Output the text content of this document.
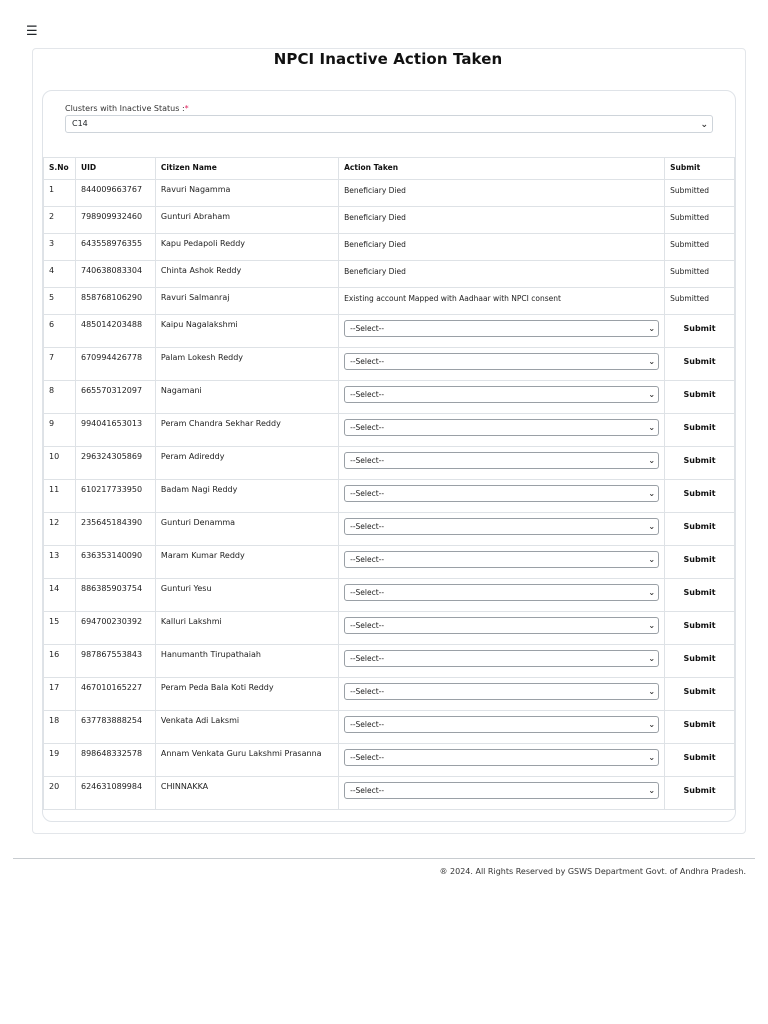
☰
NPCI Inactive Action Taken
Clusters with Inactive Status :*
C14	⌄
S.No	UID	Citizen Name	Action Taken	Submit
1	844009663767	Ravuri Nagamma	Beneficiary Died	Submitted
2	798909932460	Gunturi Abraham	Beneficiary Died	Submitted
3	643558976355	Kapu Pedapoli Reddy	Beneficiary Died	Submitted
4	740638083304	Chinta Ashok Reddy	Beneficiary Died	Submitted
5	858768106290	Ravuri Salmanraj	Existing account Mapped with Aadhaar with NPCI consent	Submitted
6	485014203488	Kaipu Nagalakshmi	--Select-- ⌄	Submit

7	670994426778	Palam Lokesh Reddy	--Select-- ⌄	Submit

8	665570312097	Nagamani	--Select-- ⌄	Submit

9	994041653013	Peram Chandra Sekhar Reddy	--Select-- ⌄	Submit

10	296324305869	Peram Adireddy	--Select-- ⌄	Submit

11	610217733950	Badam Nagi Reddy	--Select-- ⌄	Submit

12	235645184390	Gunturi Denamma	--Select-- ⌄	Submit

13	636353140090	Maram Kumar Reddy	--Select-- ⌄	Submit

14	886385903754	Gunturi Yesu	--Select-- ⌄	Submit

15	694700230392	Kalluri Lakshmi	--Select-- ⌄	Submit

16	987867553843	Hanumanth Tirupathaiah	--Select-- ⌄	Submit

17	467010165227	Peram Peda Bala Koti Reddy	--Select-- ⌄	Submit

18	637783888254	Venkata Adi Laksmi	--Select-- ⌄	Submit

19	898648332578	Annam Venkata Guru Lakshmi Prasanna	--Select-- ⌄	Submit

20	624631089984	CHINNAKKA	--Select-- ⌄	Submit
® 2024. All Rights Reserved by GSWS Department Govt. of Andhra Pradesh.
